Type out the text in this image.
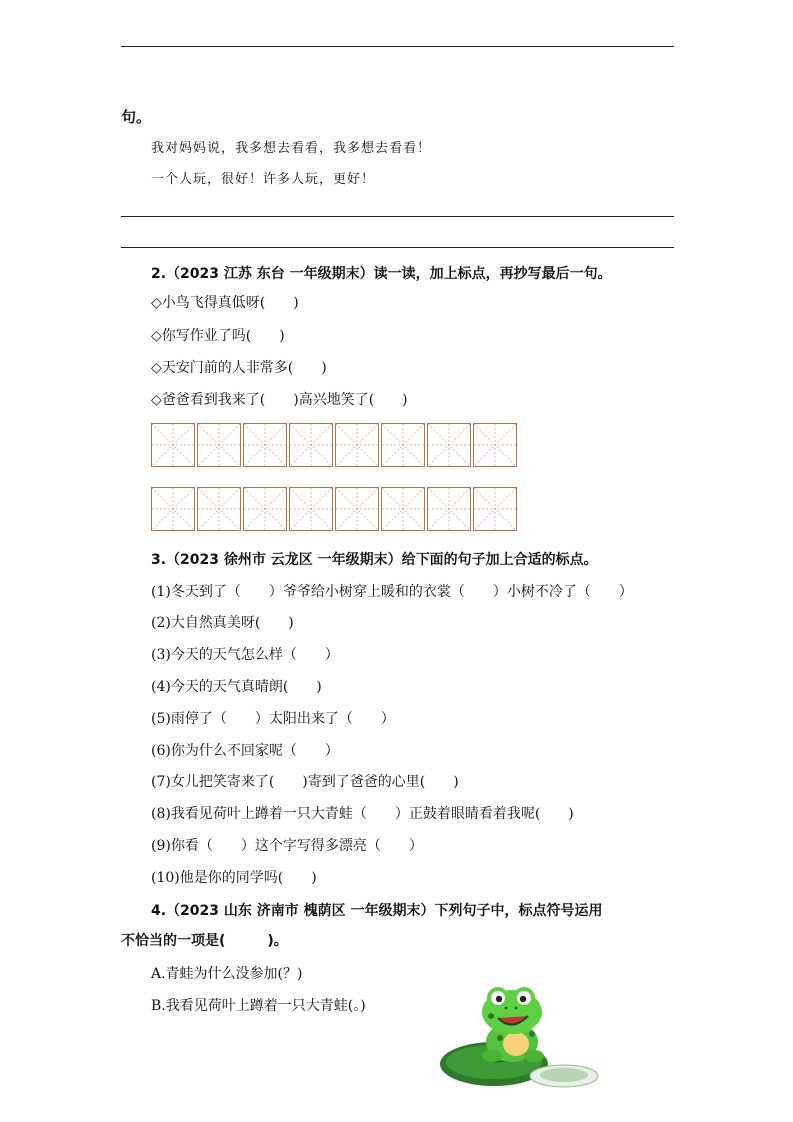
句。
我对妈妈说，我多想去看看，我多想去看看！
一个人玩，很好！许多人玩，更好！
2.（2023 江苏 东台 一年级期末）读一读，加上标点，再抄写最后一句。
◇小鸟飞得真低呀(　　)
◇你写作业了吗(　　)
◇天安门前的人非常多(　　)
◇爸爸看到我来了(　　)高兴地笑了(　　)
3.（2023 徐州市 云龙区 一年级期末）给下面的句子加上合适的标点。
(1)冬天到了（　　）爷爷给小树穿上暖和的衣裳（　　）小树不冷了（　　）
(2)大自然真美呀(　　)
(3)今天的天气怎么样（　　）
(4)今天的天气真晴朗(　　)
(5)雨停了（　　）太阳出来了（　　）
(6)你为什么不回家呢（　　）
(7)女儿把笑寄来了(　　)寄到了爸爸的心里(　　)
(8)我看见荷叶上蹲着一只大青蛙（　　）正鼓着眼睛看着我呢(　　)
(9)你看（　　）这个字写得多漂亮（　　）
(10)他是你的同学吗(　　)
4.（2023 山东 济南市 槐荫区 一年级期末）下列句子中，标点符号运用
不恰当的一项是(　　　)。
A.青蛙为什么没参加(？)
B.我看见荷叶上蹲着一只大青蛙(。)
